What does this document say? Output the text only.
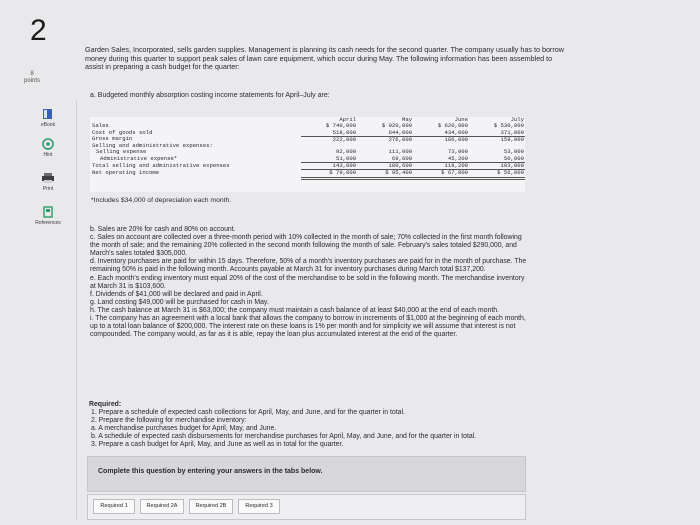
2
8
points
eBook
Hint
Print
References
Garden Sales, Incorporated, sells garden supplies. Management is planning its cash needs for the second quarter. The company usually has to borrow money during this quarter to support peak sales of lawn care equipment, which occur during May. The following information has been assembled to assist in preparing a cash budget for the quarter:
a. Budgeted monthly absorption costing income statements for April–July are:
	April	May	June	July
Sales	$ 740,000	$ 920,000	$ 620,000	$ 530,000
Cost of goods sold	518,000	644,000	434,000	371,000
Gross margin	222,000	276,000	186,000	159,000
Selling and administrative expenses:				
Selling expense	92,000	111,000	73,000	53,000
Administrative expense*	51,000	69,600	45,200	50,000
Total selling and administrative expenses	143,000	180,600	118,200	103,000
Net operating income	$ 79,000	$ 95,400	$ 67,800	$ 56,000
*Includes $34,000 of depreciation each month.

b. Sales are 20% for cash and 80% on account.

c. Sales on account are collected over a three-month period with 10% collected in the month of sale; 70% collected in the first month following the month of sale; and the remaining 20% collected in the second month following the month of sale. February's sales totaled $290,000, and March's sales totaled $305,000.

d. Inventory purchases are paid for within 15 days. Therefore, 50% of a month's inventory purchases are paid for in the month of purchase. The remaining 50% is paid in the following month. Accounts payable at March 31 for inventory purchases during March total $137,200.

e. Each month's ending inventory must equal 20% of the cost of the merchandise to be sold in the following month. The merchandise inventory at March 31 is $103,600.

f. Dividends of $41,000 will be declared and paid in April.

g. Land costing $49,000 will be purchased for cash in May.

h. The cash balance at March 31 is $63,000; the company must maintain a cash balance of at least $40,000 at the end of each month.

i. The company has an agreement with a local bank that allows the company to borrow in increments of $1,000 at the beginning of each month, up to a total loan balance of $200,000. The interest rate on these loans is 1% per month and for simplicity we will assume that interest is not compounded. The company would, as far as it is able, repay the loan plus accumulated interest at the end of the quarter.

Required:

1. Prepare a schedule of expected cash collections for April, May, and June, and for the quarter in total.

2. Prepare the following for merchandise inventory:

a. A merchandise purchases budget for April, May, and June.

b. A schedule of expected cash disbursements for merchandise purchases for April, May, and June, and for the quarter in total.

3. Prepare a cash budget for April, May, and June as well as in total for the quarter.

Complete this question by entering your answers in the tabs below.
Required 1	Required 2A	Required 2B	Required 3
